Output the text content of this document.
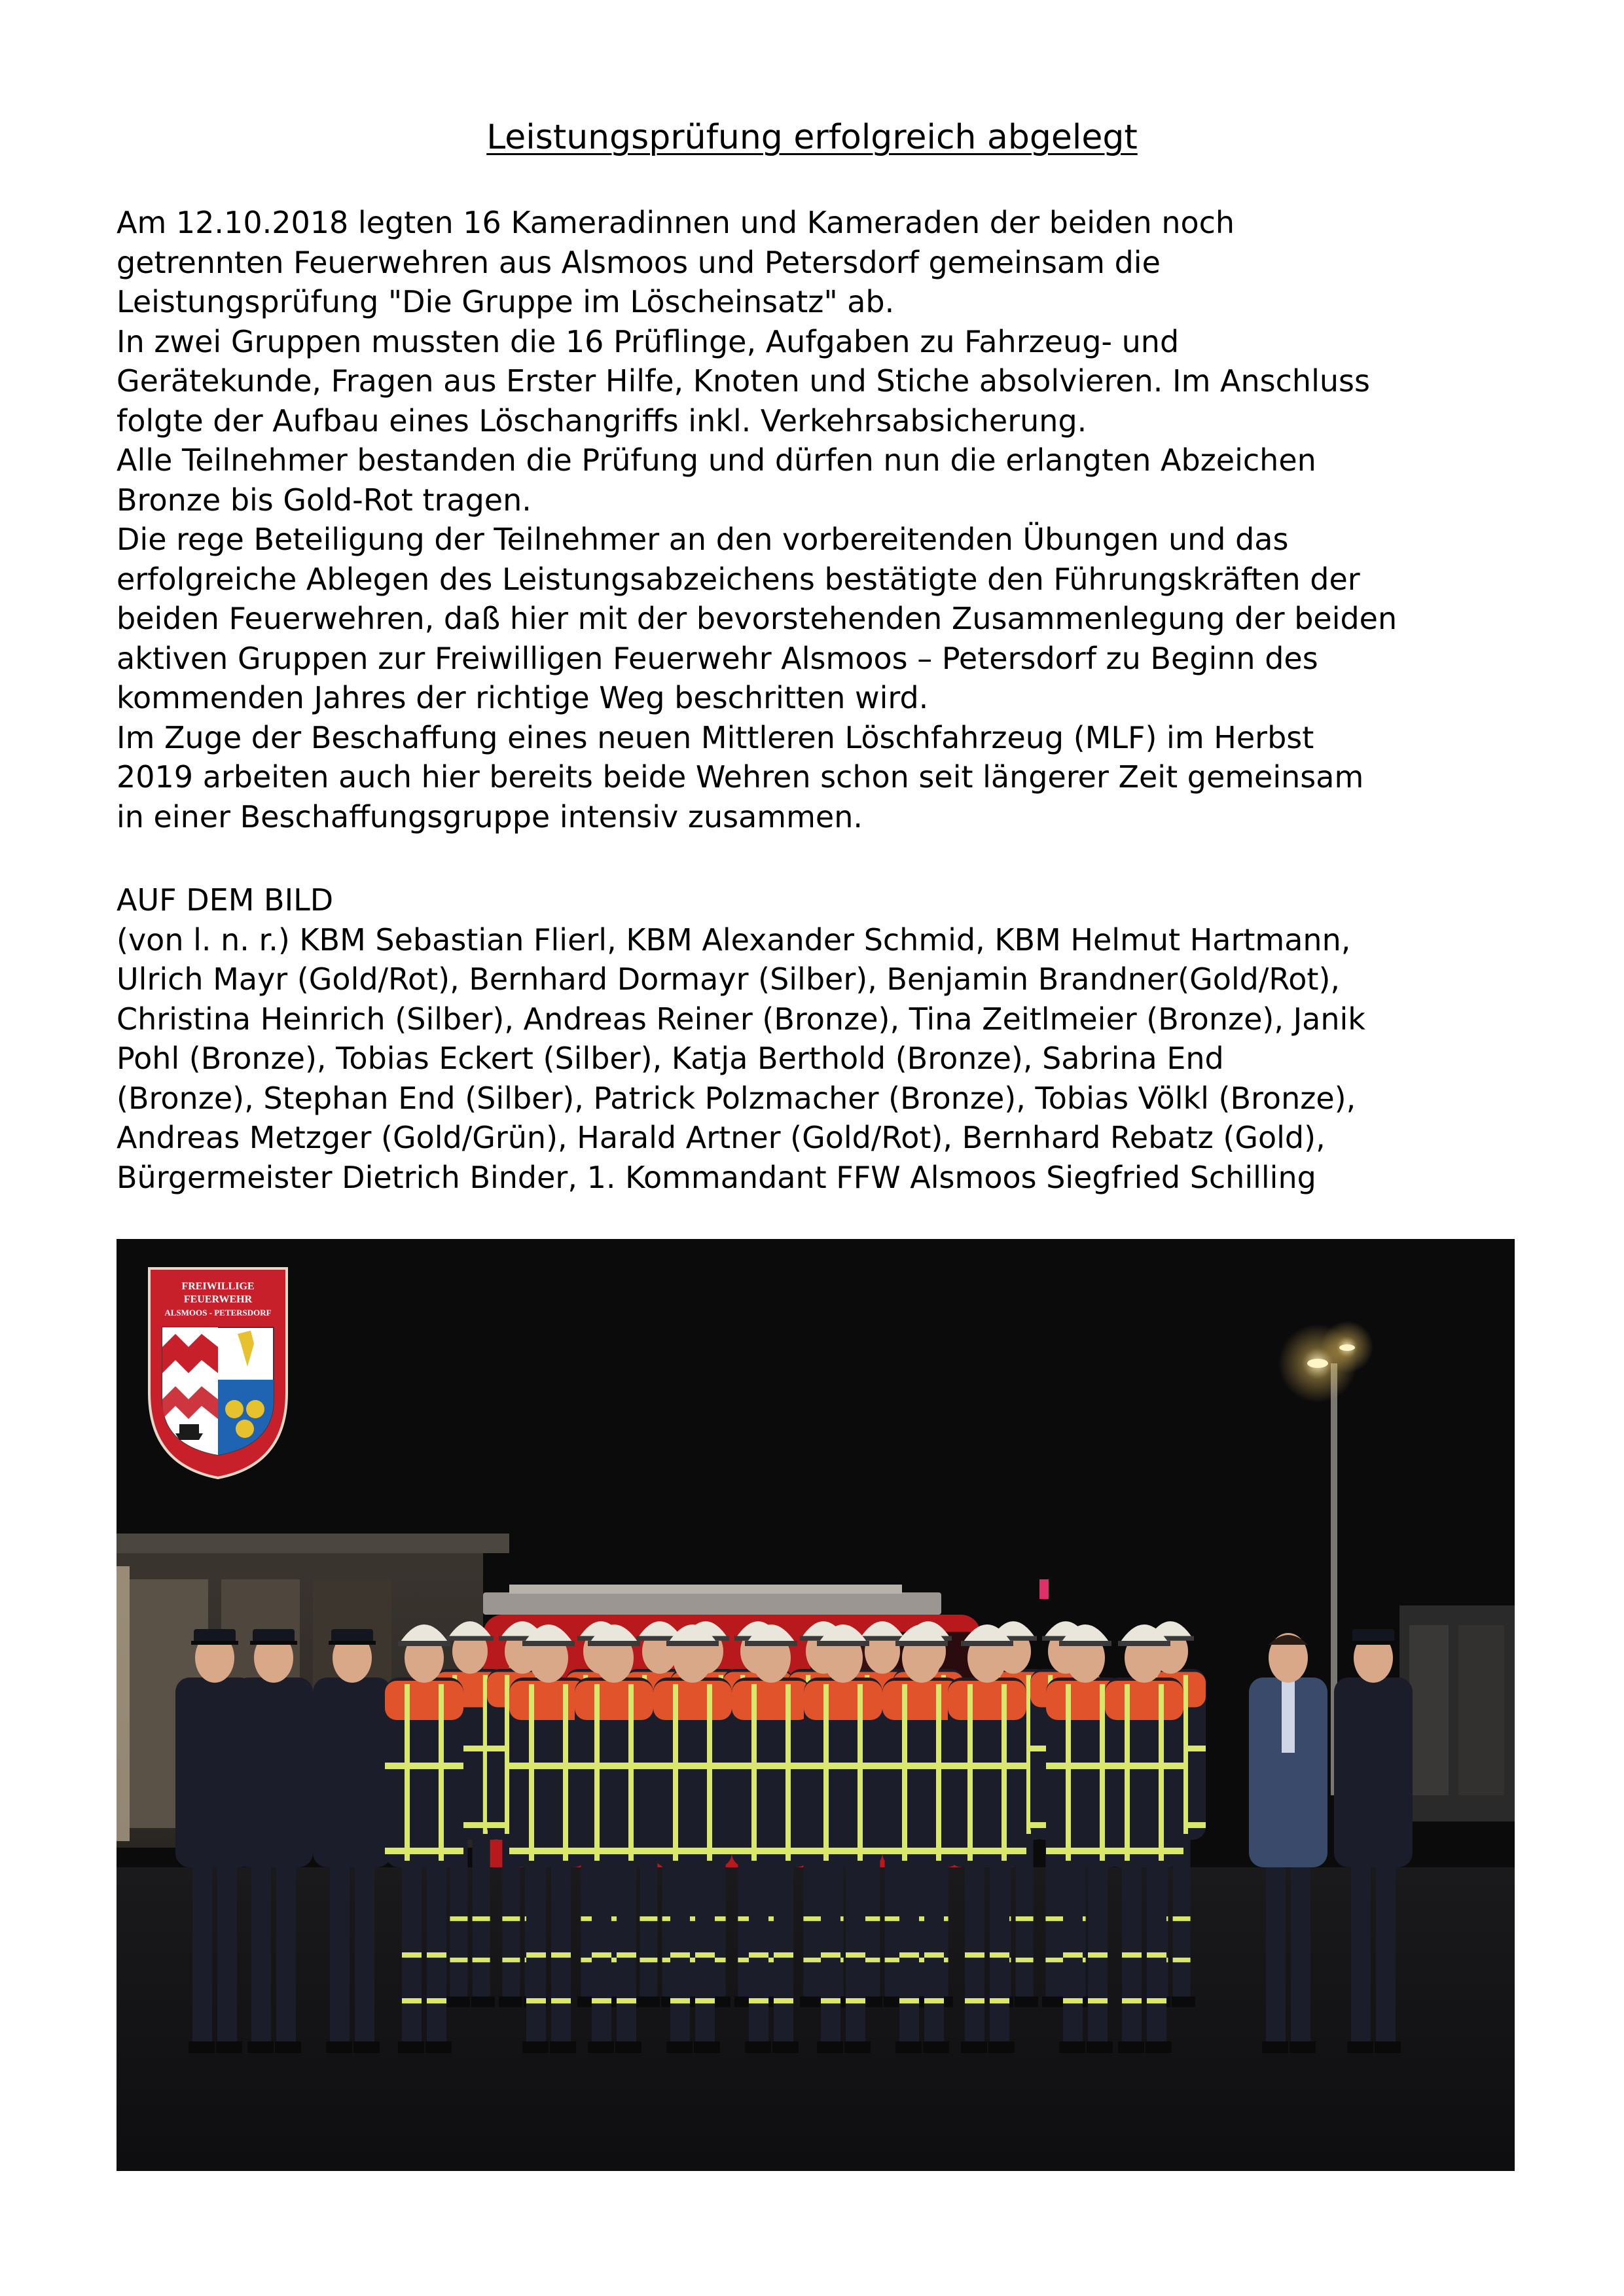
Leistungsprüfung erfolgreich abgelegt
Am 12.10.2018 legten 16 Kameradinnen und Kameraden der beiden noch
getrennten Feuerwehren aus Alsmoos und Petersdorf gemeinsam die
Leistungsprüfung "Die Gruppe im Löscheinsatz" ab.
In zwei Gruppen mussten die 16 Prüflinge, Aufgaben zu Fahrzeug- und
Gerätekunde, Fragen aus Erster Hilfe, Knoten und Stiche absolvieren. Im Anschluss
folgte der Aufbau eines Löschangriffs inkl. Verkehrsabsicherung.
Alle Teilnehmer bestanden die Prüfung und dürfen nun die erlangten Abzeichen
Bronze bis Gold-Rot tragen.
Die rege Beteiligung der Teilnehmer an den vorbereitenden Übungen und das
erfolgreiche Ablegen des Leistungsabzeichens bestätigte den Führungskräften der
beiden Feuerwehren, daß hier mit der bevorstehenden Zusammenlegung der beiden
aktiven Gruppen zur Freiwilligen Feuerwehr Alsmoos – Petersdorf zu Beginn des
kommenden Jahres der richtige Weg beschritten wird.
Im Zuge der Beschaffung eines neuen Mittleren Löschfahrzeug (MLF) im Herbst
2019 arbeiten auch hier bereits beide Wehren schon seit längerer Zeit gemeinsam
in einer Beschaffungsgruppe intensiv zusammen.
AUF DEM BILD
(von l. n. r.) KBM Sebastian Flierl, KBM Alexander Schmid, KBM Helmut Hartmann,
Ulrich Mayr (Gold/Rot), Bernhard Dormayr (Silber), Benjamin Brandner(Gold/Rot),
Christina Heinrich (Silber), Andreas Reiner (Bronze), Tina Zeitlmeier (Bronze), Janik
Pohl (Bronze), Tobias Eckert (Silber), Katja Berthold (Bronze), Sabrina End
(Bronze), Stephan End (Silber), Patrick Polzmacher (Bronze), Tobias Völkl (Bronze),
Andreas Metzger (Gold/Grün), Harald Artner (Gold/Rot), Bernhard Rebatz (Gold),
Bürgermeister Dietrich Binder, 1. Kommandant FFW Alsmoos Siegfried Schilling
FREIWILLIGE
FEUERWEHR
ALSMOOS - PETERSDORF
